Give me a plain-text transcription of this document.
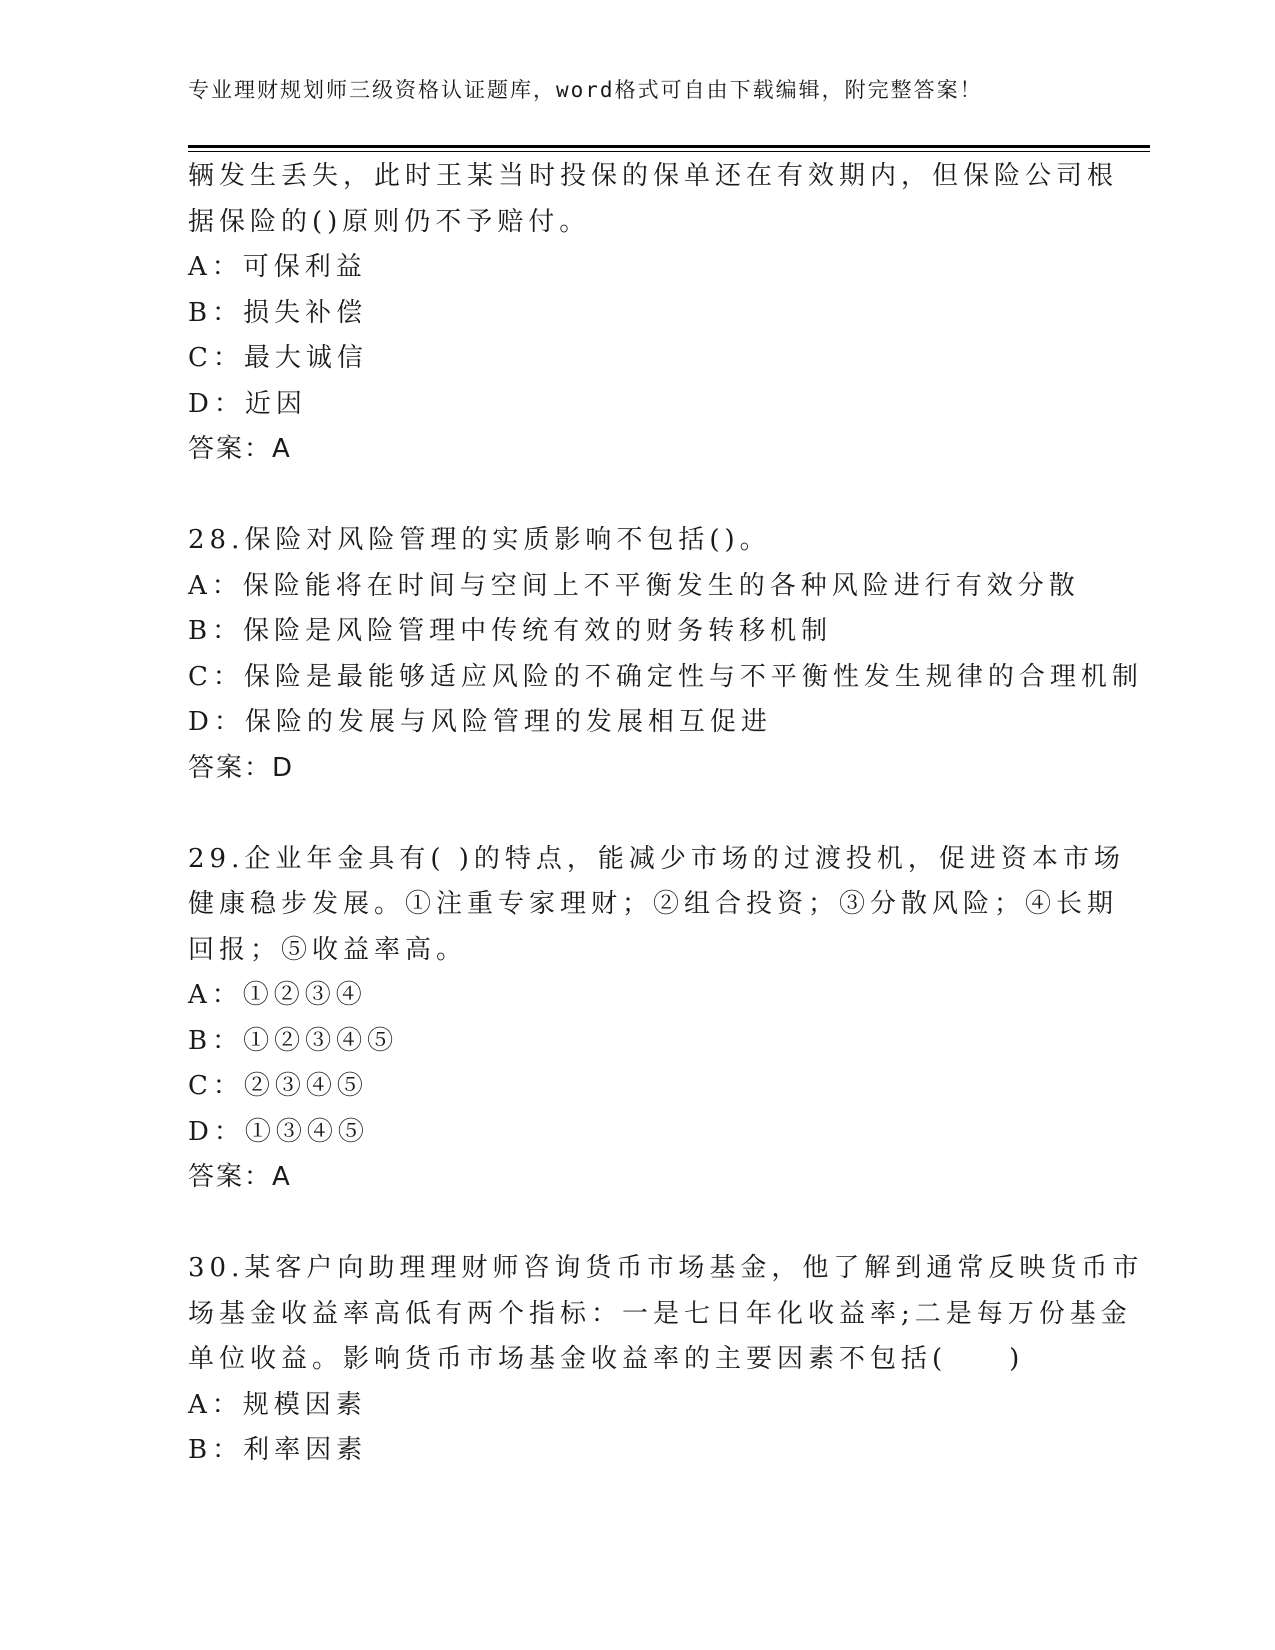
专业理财规划师三级资格认证题库，word格式可自由下载编辑，附完整答案！
辆发生丢失，此时王某当时投保的保单还在有效期内，但保险公司根
据保险的()原则仍不予赔付。
A：可保利益
B：损失补偿
C：最大诚信
D：近因
答案：A
28.保险对风险管理的实质影响不包括()。
A：保险能将在时间与空间上不平衡发生的各种风险进行有效分散
B：保险是风险管理中传统有效的财务转移机制
C：保险是最能够适应风险的不确定性与不平衡性发生规律的合理机制
D：保险的发展与风险管理的发展相互促进
答案：D
29.企业年金具有( )的特点，能减少市场的过渡投机，促进资本市场
健康稳步发展。①注重专家理财；②组合投资；③分散风险；④长期
回报；⑤收益率高。
A：①②③④
B：①②③④⑤
C：②③④⑤
D：①③④⑤
答案：A
30.某客户向助理理财师咨询货币市场基金，他了解到通常反映货币市
场基金收益率高低有两个指标：一是七日年化收益率;二是每万份基金
单位收益。影响货币市场基金收益率的主要因素不包括(　　)
A：规模因素
B：利率因素
